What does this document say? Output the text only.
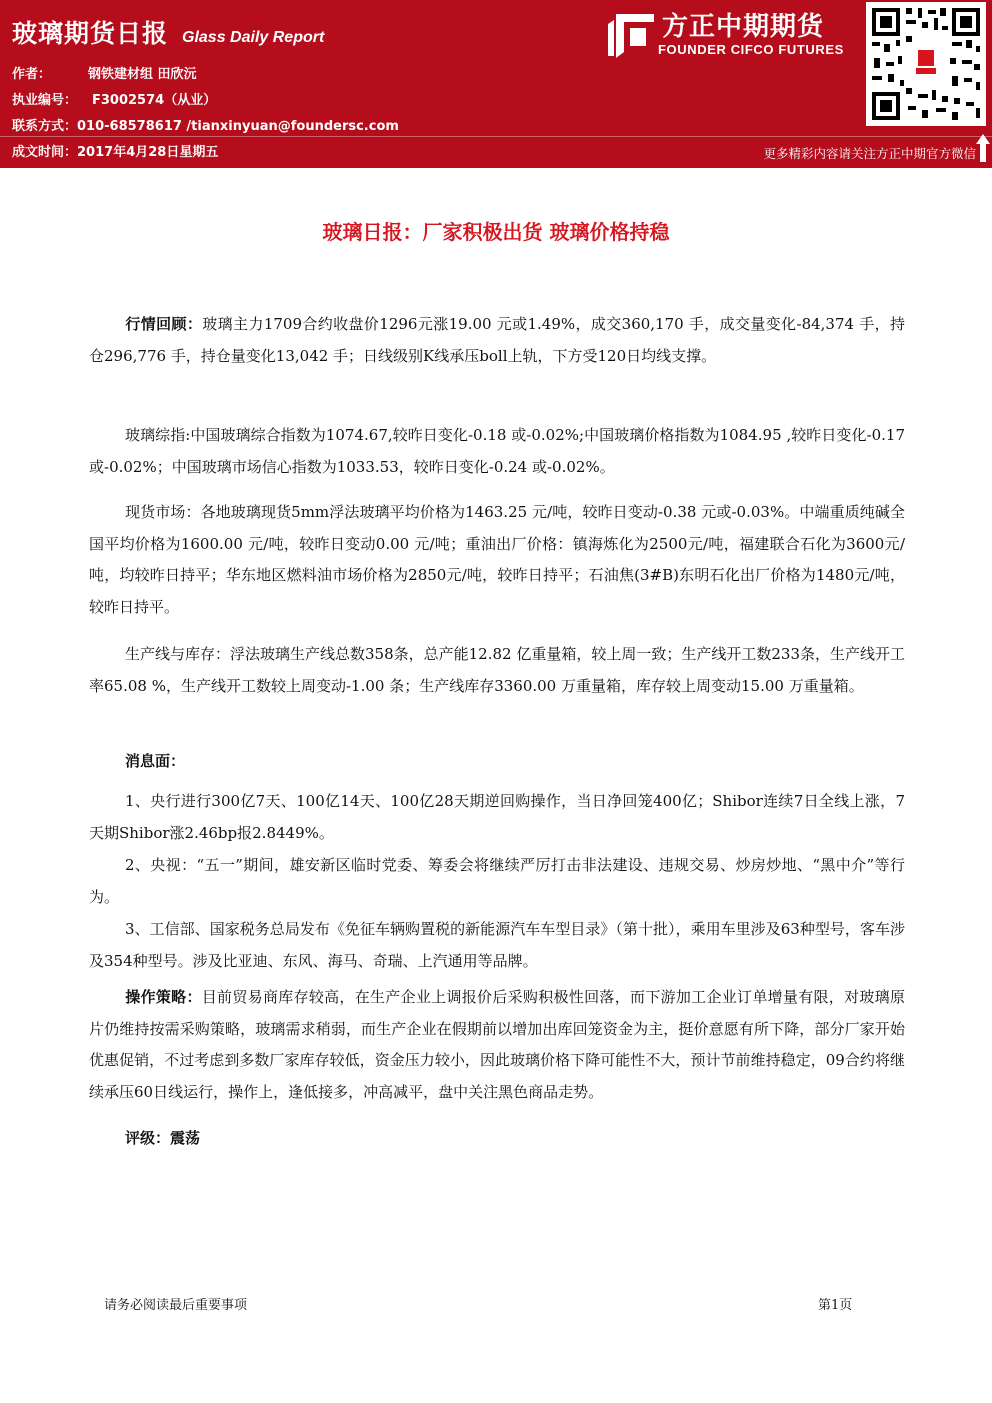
玻璃期货日报 Glass Daily Report
作者：	钢铁建材组 田欣沅
执业编号： F3002574（从业）
联系方式：010-68578617 /tianxinyuan@foundersc.com
成文时间：2017年4月28日星期五
方正中期期货
FOUNDER CIFCO FUTURES
更多精彩内容请关注方正中期官方微信
玻璃日报：厂家积极出货 玻璃价格持稳
行情回顾：玻璃主力1709合约收盘价1296元涨19.00 元或1.49%，成交360,170 手，成交量变化-84,374 手，持仓296,776 手，持仓量变化13,042 手；日线级别K线承压boll上轨，下方受120日均线支撑。
玻璃综指:中国玻璃综合指数为1074.67,较昨日变化-0.18 或-0.02%;中国玻璃价格指数为1084.95 ,较昨日变化-0.17 或-0.02%；中国玻璃市场信心指数为1033.53，较昨日变化-0.24 或-0.02%。
现货市场：各地玻璃现货5mm浮法玻璃平均价格为1463.25 元/吨，较昨日变动-0.38 元或-0.03%。中端重质纯碱全国平均价格为1600.00 元/吨，较昨日变动0.00 元/吨；重油出厂价格：镇海炼化为2500元/吨，福建联合石化为3600元/吨，均较昨日持平；华东地区燃料油市场价格为2850元/吨，较昨日持平；石油焦(3#B)东明石化出厂价格为1480元/吨，较昨日持平。
生产线与库存：浮法玻璃生产线总数358条，总产能12.82 亿重量箱，较上周一致；生产线开工数233条，生产线开工率65.08 %，生产线开工数较上周变动-1.00 条；生产线库存3360.00 万重量箱，库存较上周变动15.00 万重量箱。
消息面：
1、央行进行300亿7天、100亿14天、100亿28天期逆回购操作，当日净回笼400亿；Shibor连续7日全线上涨，7天期Shibor涨2.46bp报2.8449%。
2、央视：“五一”期间，雄安新区临时党委、筹委会将继续严厉打击非法建设、违规交易、炒房炒地、“黑中介”等行为。
3、工信部、国家税务总局发布《免征车辆购置税的新能源汽车车型目录》（第十批），乘用车里涉及63种型号，客车涉及354种型号。涉及比亚迪、东风、海马、奇瑞、上汽通用等品牌。
操作策略：目前贸易商库存较高，在生产企业上调报价后采购积极性回落，而下游加工企业订单增量有限，对玻璃原片仍维持按需采购策略，玻璃需求稍弱，而生产企业在假期前以增加出库回笼资金为主，挺价意愿有所下降，部分厂家开始优惠促销，不过考虑到多数厂家库存较低，资金压力较小，因此玻璃价格下降可能性不大，预计节前维持稳定，09合约将继续承压60日线运行，操作上，逢低接多，冲高减平，盘中关注黑色商品走势。
评级：震荡
请务必阅读最后重要事项	第1页
